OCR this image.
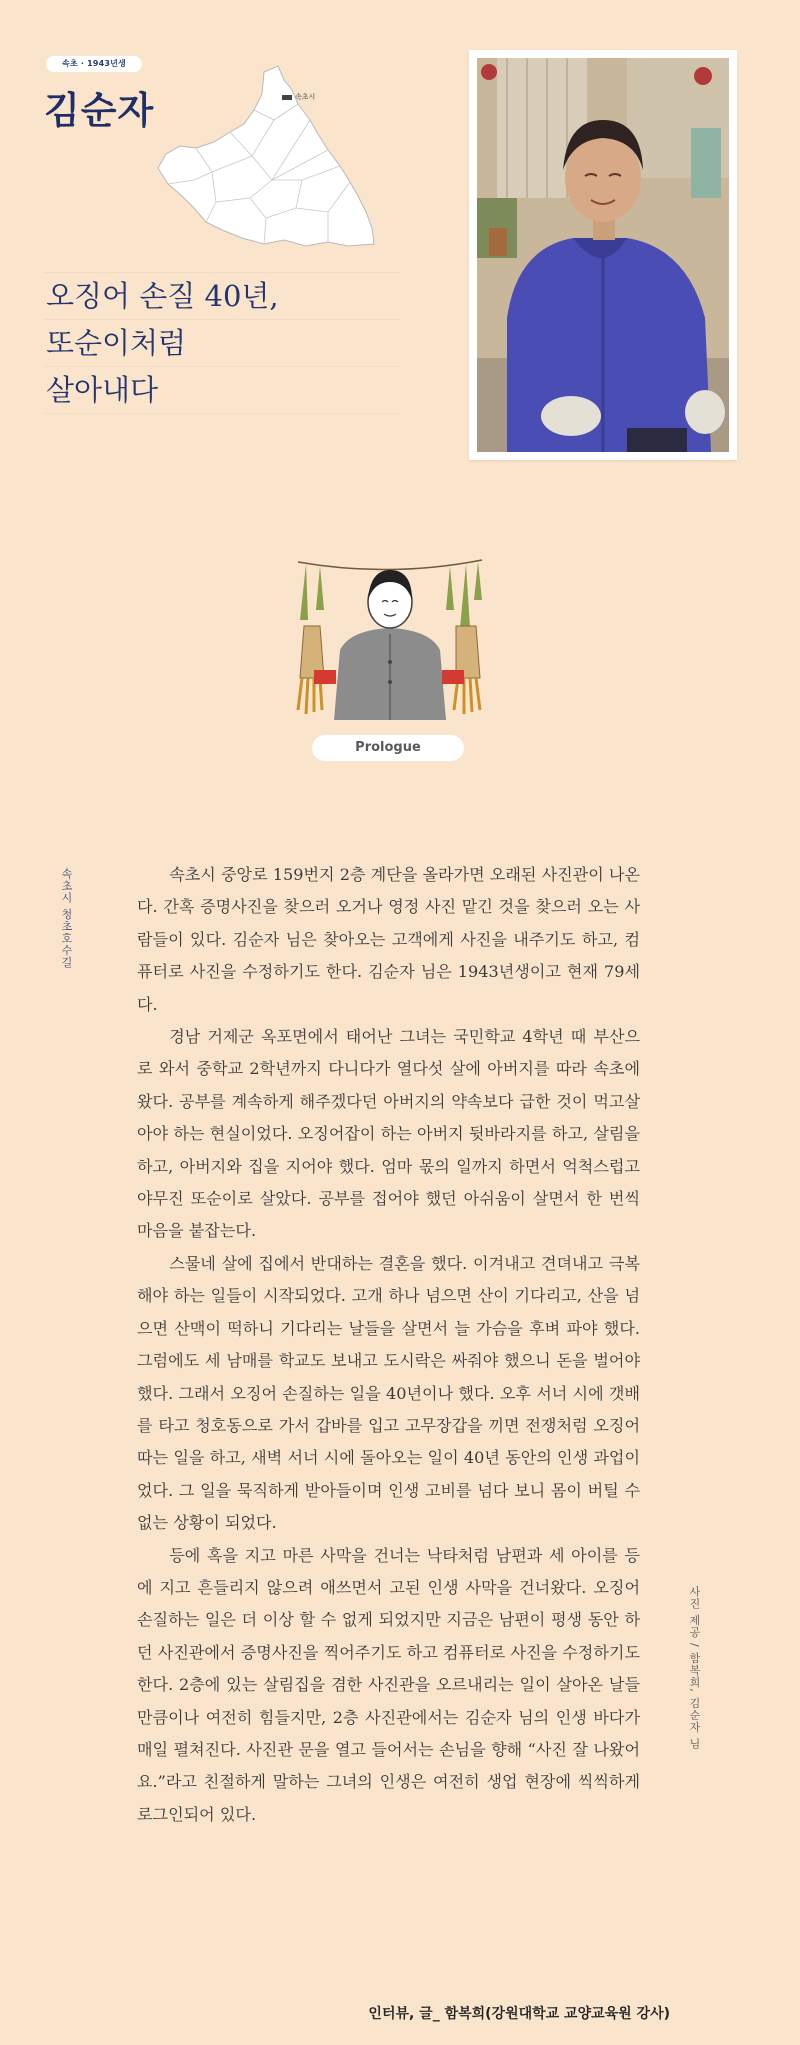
속초 · 1943년생
김순자	속초시
오징어 손질 40년,
또순이처럼
살아내다
Prologue
속초시 청초호수길
사진 제공 / 함복희, 김순자 님

속초시 중앙로 159번지 2층 계단을 올라가면 오래된 사진관이 나온다. 간혹 증명사진을 찾으러 오거나 영정 사진 맡긴 것을 찾으러 오는 사람들이 있다. 김순자 님은 찾아오는 고객에게 사진을 내주기도 하고, 컴퓨터로 사진을 수정하기도 한다. 김순자 님은 1943년생이고 현재 79세다.

경남 거제군 옥포면에서 태어난 그녀는 국민학교 4학년 때 부산으로 와서 중학교 2학년까지 다니다가 열다섯 살에 아버지를 따라 속초에 왔다. 공부를 계속하게 해주겠다던 아버지의 약속보다 급한 것이 먹고살아야 하는 현실이었다. 오징어잡이 하는 아버지 뒷바라지를 하고, 살림을 하고, 아버지와 집을 지어야 했다. 엄마 몫의 일까지 하면서 억척스럽고 야무진 또순이로 살았다. 공부를 접어야 했던 아쉬움이 살면서 한 번씩 마음을 붙잡는다.

스물네 살에 집에서 반대하는 결혼을 했다. 이겨내고 견뎌내고 극복해야 하는 일들이 시작되었다. 고개 하나 넘으면 산이 기다리고, 산을 넘으면 산맥이 떡하니 기다리는 날들을 살면서 늘 가슴을 후벼 파야 했다. 그럼에도 세 남매를 학교도 보내고 도시락은 싸줘야 했으니 돈을 벌어야 했다. 그래서 오징어 손질하는 일을 40년이나 했다. 오후 서너 시에 갯배를 타고 청호동으로 가서 갑바를 입고 고무장갑을 끼면 전쟁처럼 오징어 따는 일을 하고, 새벽 서너 시에 돌아오는 일이 40년 동안의 인생 과업이었다. 그 일을 묵직하게 받아들이며 인생 고비를 넘다 보니 몸이 버틸 수 없는 상황이 되었다.

등에 혹을 지고 마른 사막을 건너는 낙타처럼 남편과 세 아이를 등에 지고 흔들리지 않으려 애쓰면서 고된 인생 사막을 건너왔다. 오징어 손질하는 일은 더 이상 할 수 없게 되었지만 지금은 남편이 평생 동안 하던 사진관에서 증명사진을 찍어주기도 하고 컴퓨터로 사진을 수정하기도 한다. 2층에 있는 살림집을 겸한 사진관을 오르내리는 일이 살아온 날들만큼이나 여전히 힘들지만, 2층 사진관에서는 김순자 님의 인생 바다가 매일 펼쳐진다. 사진관 문을 열고 들어서는 손님을 향해 “사진 잘 나왔어요.”라고 친절하게 말하는 그녀의 인생은 여전히 생업 현장에 씩씩하게 로그인되어 있다.

인터뷰, 글_ 함복희(강원대학교 교양교육원 강사)
